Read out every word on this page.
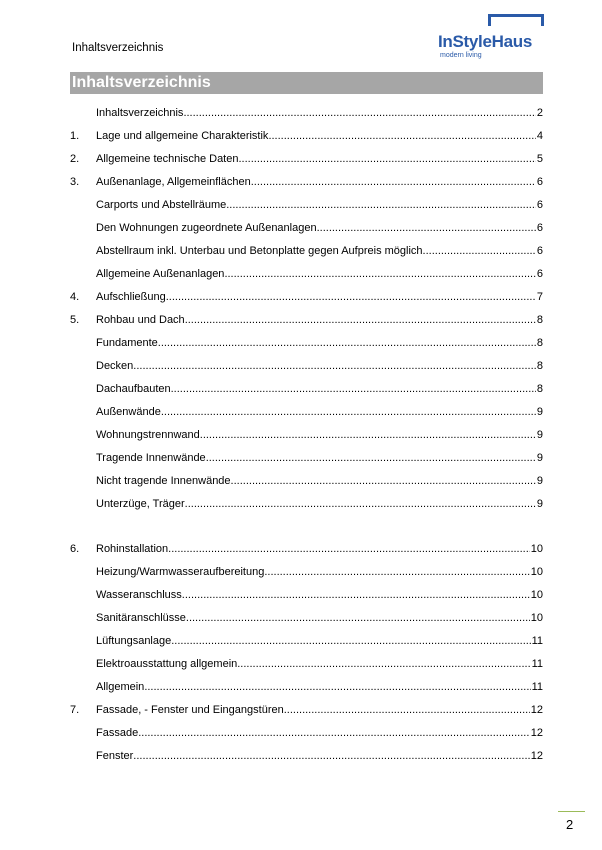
Inhaltsverzeichnis	InStyleHaus
modern living
Inhaltsverzeichnis
Inhaltsverzeichnis .....	2
1.	Lage und allgemeine Charakteristik .....	4
2.	Allgemeine technische Daten .....	5
3.	Außenanlage, Allgemeinflächen .....	6
Carports und Abstellräume .....	6
Den Wohnungen zugeordnete Außenanlagen .....	6
Abstellraum inkl. Unterbau und Betonplatte gegen Aufpreis möglich. .....	6
Allgemeine Außenanlagen .....	6
4.	Aufschließung .....	7
5.	Rohbau und Dach .....	8
Fundamente .....	8
Decken .....	8
Dachaufbauten .....	8
Außenwände .....	9
Wohnungstrennwand .....	9
Tragende Innenwände .....	9
Nicht tragende Innenwände .....	9
Unterzüge, Träger .....	9
6.	Rohinstallation .....	10
Heizung/Warmwasseraufbereitung .....	10
Wasseranschluss .....	10
Sanitäranschlüsse .....	10
Lüftungsanlage .....	11
Elektroausstattung allgemein .....	11
Allgemein .....	11
7.	Fassade, - Fenster und Eingangstüren .....	12
Fassade .....	12
Fenster .....	12
2
